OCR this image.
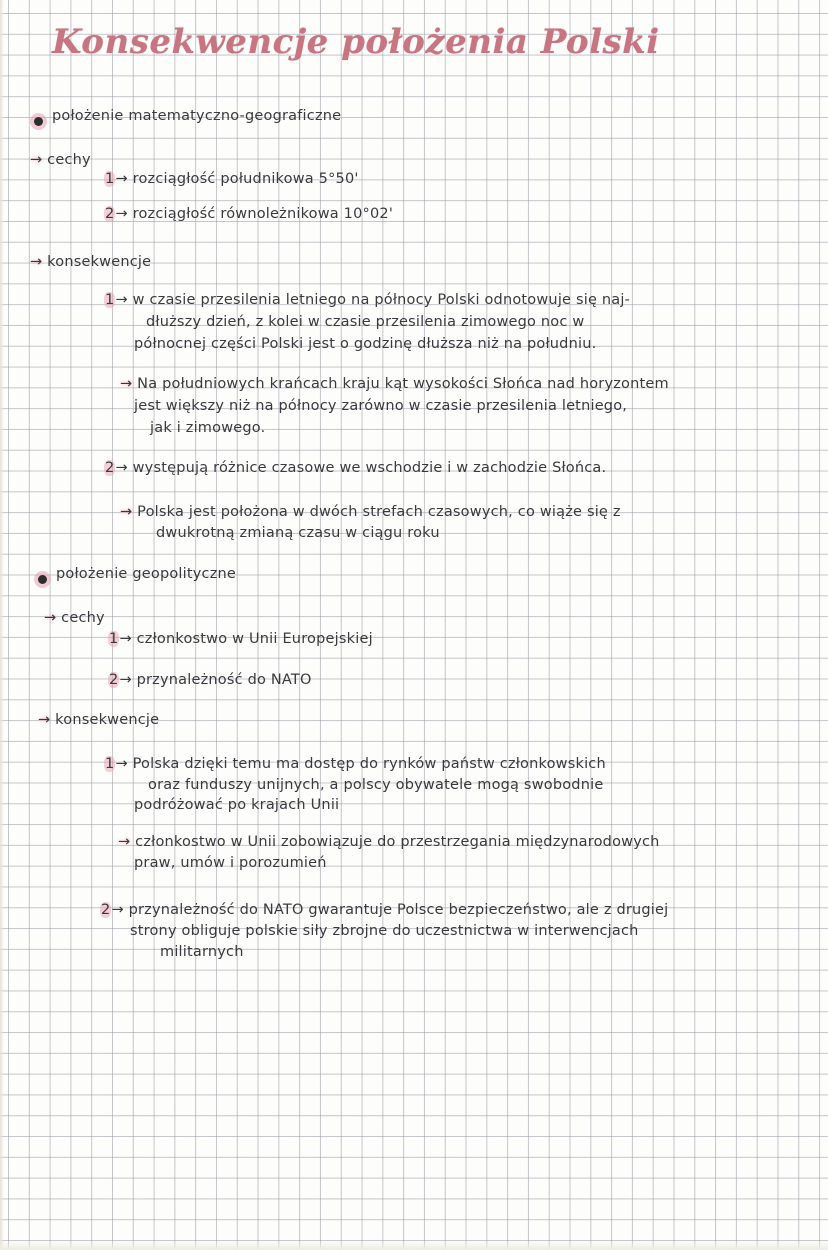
Konsekwencje położenia Polski
położenie matematyczno-geograficzne
→ cechy
1→ rozciągłość południkowa 5°50'
2→ rozciągłość równoleżnikowa 10°02'
→ konsekwencje
1→ w czasie przesilenia letniego na północy Polski odnotowuje się naj-
dłuższy dzień, z kolei w czasie przesilenia zimowego noc w
północnej części Polski jest o godzinę dłuższa niż na południu.
→ Na południowych krańcach kraju kąt wysokości Słońca nad horyzontem
jest większy niż na północy zarówno w czasie przesilenia letniego,
jak i zimowego.
2→ występują różnice czasowe we wschodzie i w zachodzie Słońca.
→ Polska jest położona w dwóch strefach czasowych, co wiąże się z
dwukrotną zmianą czasu w ciągu roku
położenie geopolityczne
→ cechy
1→ członkostwo w Unii Europejskiej
2→ przynależność do NATO
→ konsekwencje
1→ Polska dzięki temu ma dostęp do rynków państw członkowskich
oraz funduszy unijnych, a polscy obywatele mogą swobodnie
podróżować po krajach Unii
→ członkostwo w Unii zobowiązuje do przestrzegania międzynarodowych
praw, umów i porozumień
2→ przynależność do NATO gwarantuje Polsce bezpieczeństwo, ale z drugiej
strony obliguje polskie siły zbrojne do uczestnictwa w interwencjach
militarnych
